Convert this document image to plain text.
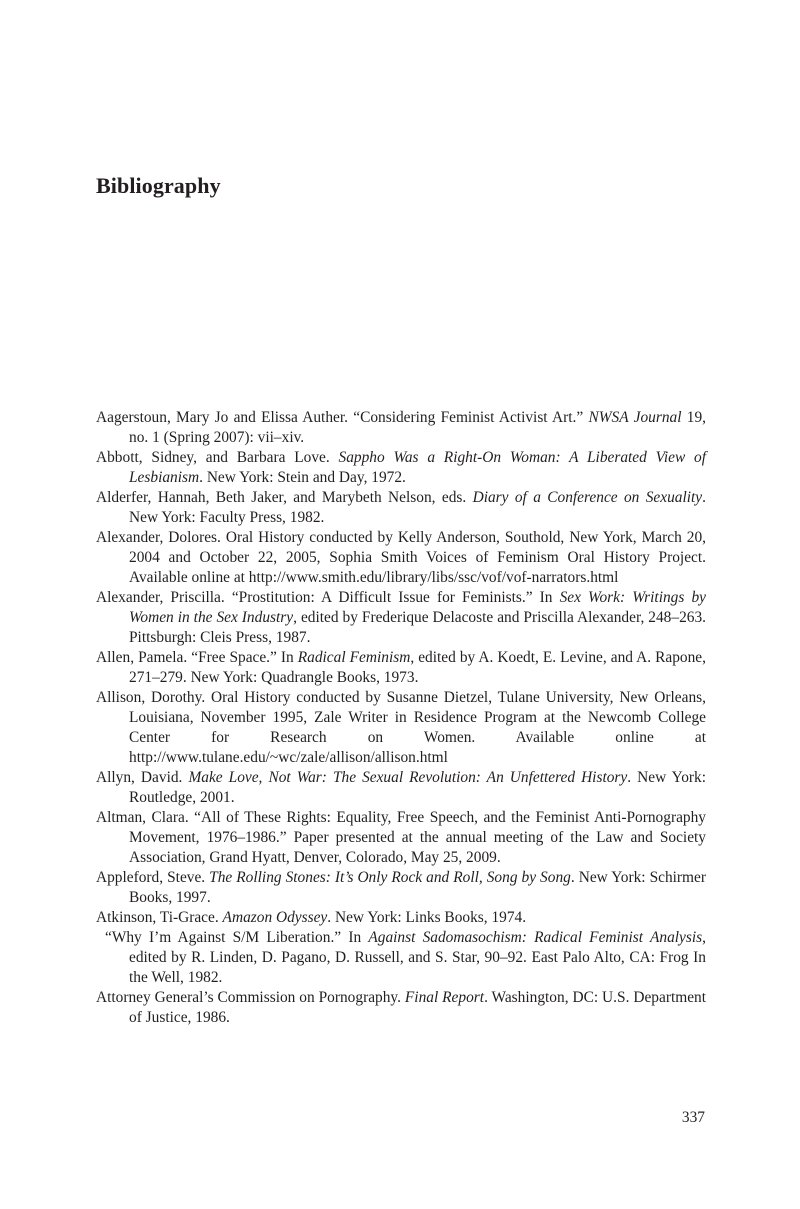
Bibliography
Aagerstoun, Mary Jo and Elissa Auther. “Considering Feminist Activist Art.” NWSA Journal 19, no. 1 (Spring 2007): vii–xiv.
Abbott, Sidney, and Barbara Love. Sappho Was a Right-On Woman: A Liberated View of Lesbianism. New York: Stein and Day, 1972.
Alderfer, Hannah, Beth Jaker, and Marybeth Nelson, eds. Diary of a Conference on Sexuality. New York: Faculty Press, 1982.
Alexander, Dolores. Oral History conducted by Kelly Anderson, Southold, New York, March 20, 2004 and October 22, 2005, Sophia Smith Voices of Feminism Oral History Project. Available online at http://www.smith.edu/library/libs/ssc/vof/vof-narrators.html
Alexander, Priscilla. “Prostitution: A Difficult Issue for Feminists.” In Sex Work: Writings by Women in the Sex Industry, edited by Frederique Delacoste and Priscilla Alexander, 248–263. Pittsburgh: Cleis Press, 1987.
Allen, Pamela. “Free Space.” In Radical Feminism, edited by A. Koedt, E. Levine, and A. Rapone, 271–279. New York: Quadrangle Books, 1973.
Allison, Dorothy. Oral History conducted by Susanne Dietzel, Tulane University, New Orleans, Louisiana, November 1995, Zale Writer in Residence Program at the Newcomb College Center for Research on Women. Available online at http://www.tulane.edu/~wc/zale/allison/allison.html
Allyn, David. Make Love, Not War: The Sexual Revolution: An Unfettered History. New York: Routledge, 2001.
Altman, Clara. “All of These Rights: Equality, Free Speech, and the Feminist Anti-Pornography Movement, 1976–1986.” Paper presented at the annual meeting of the Law and Society Association, Grand Hyatt, Denver, Colorado, May 25, 2009.
Appleford, Steve. The Rolling Stones: It’s Only Rock and Roll, Song by Song. New York: Schirmer Books, 1997.
Atkinson, Ti-Grace. Amazon Odyssey. New York: Links Books, 1974.
“Why I’m Against S/M Liberation.” In Against Sadomasochism: Radical Feminist Analysis, edited by R. Linden, D. Pagano, D. Russell, and S. Star, 90–92. East Palo Alto, CA: Frog In the Well, 1982.
Attorney General’s Commission on Pornography. Final Report. Washington, DC: U.S. Department of Justice, 1986.
337
